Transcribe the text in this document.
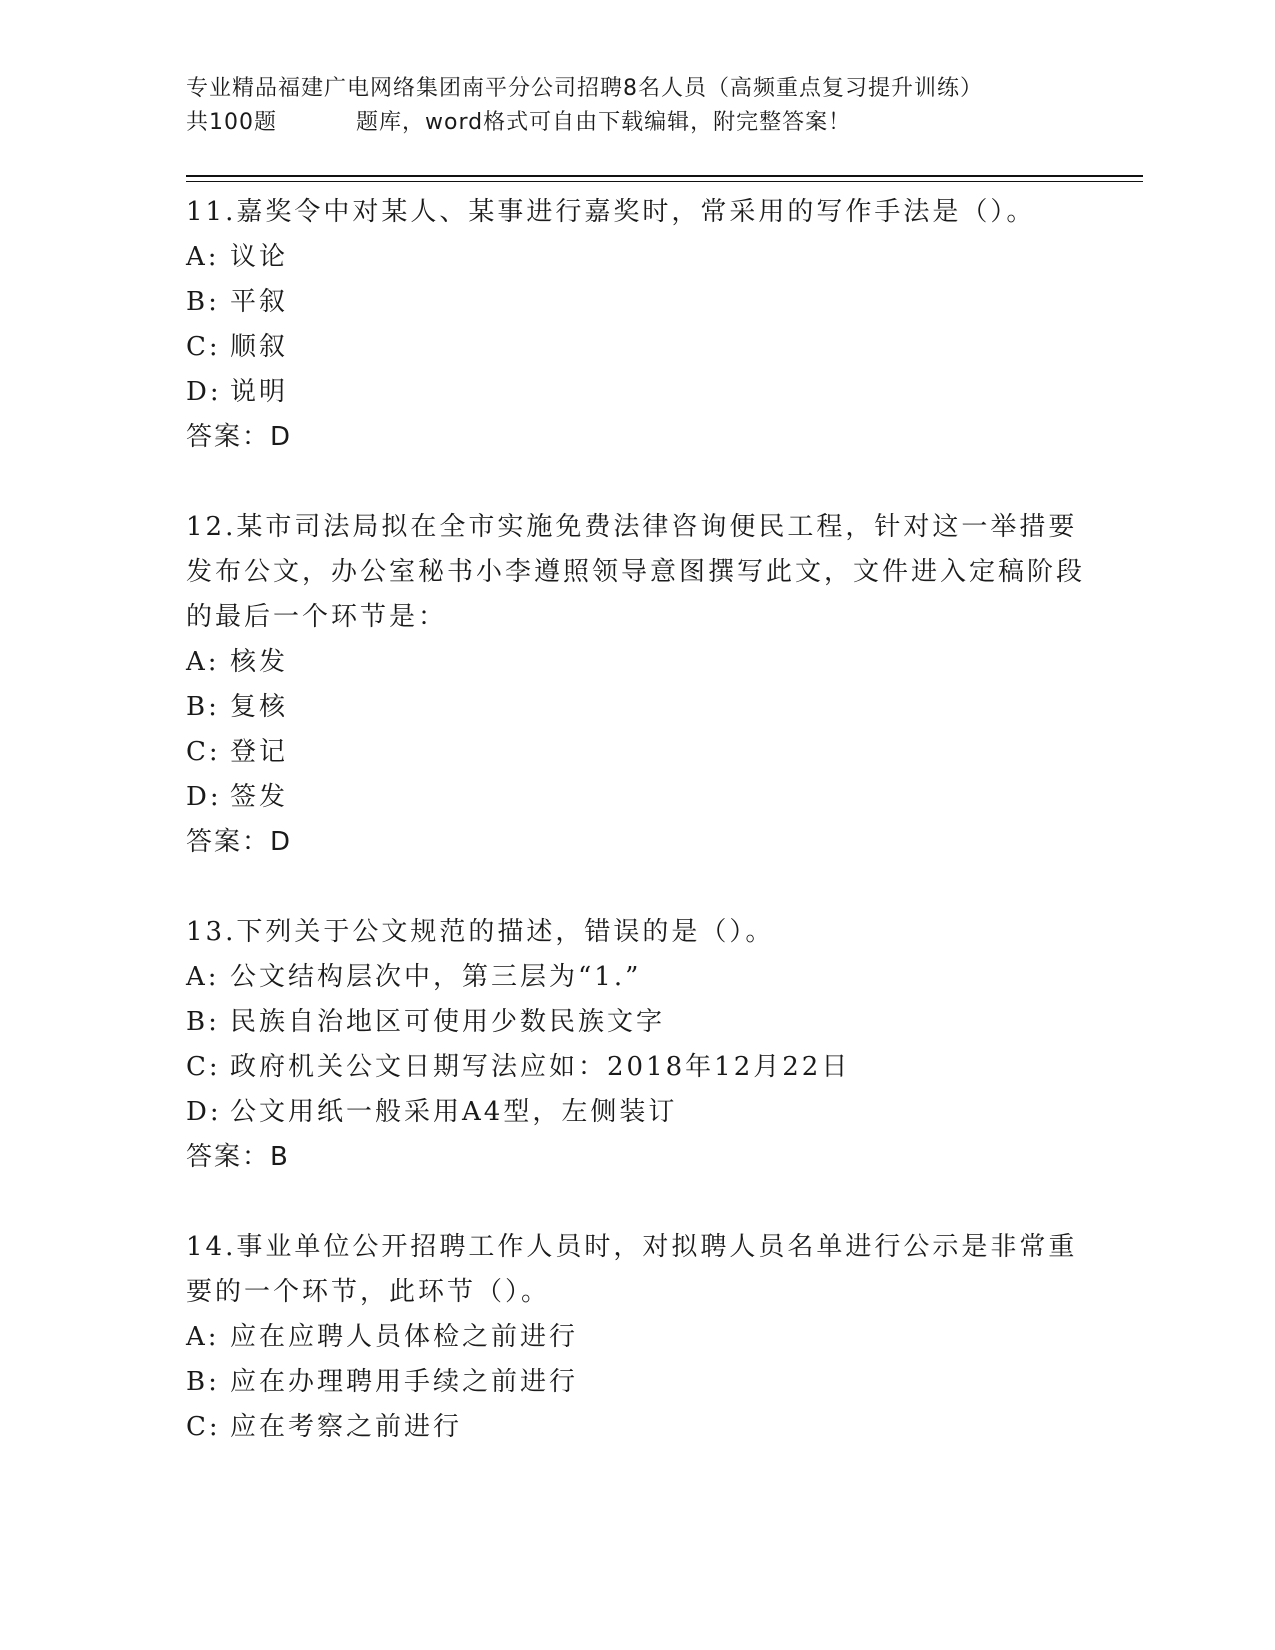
专业精品福建广电网络集团南平分公司招聘8名人员（高频重点复习提升训练）
共100题	题库，word格式可自由下载编辑，附完整答案！

11.嘉奖令中对某人、某事进行嘉奖时，常采用的写作手法是（）。

A: 议论

B: 平叙

C: 顺叙

D: 说明

答案：D

12.某市司法局拟在全市实施免费法律咨询便民工程，针对这一举措要发布公文，办公室秘书小李遵照领导意图撰写此文，文件进入定稿阶段的最后一个环节是：

A: 核发

B: 复核

C: 登记

D: 签发

答案：D

13.下列关于公文规范的描述，错误的是（）。

A: 公文结构层次中，第三层为“1.”

B: 民族自治地区可使用少数民族文字

C: 政府机关公文日期写法应如：2018年12月22日

D: 公文用纸一般采用A4型，左侧装订

答案：B

14.事业单位公开招聘工作人员时，对拟聘人员名单进行公示是非常重要的一个环节，此环节（）。

A: 应在应聘人员体检之前进行

B: 应在办理聘用手续之前进行

C: 应在考察之前进行
